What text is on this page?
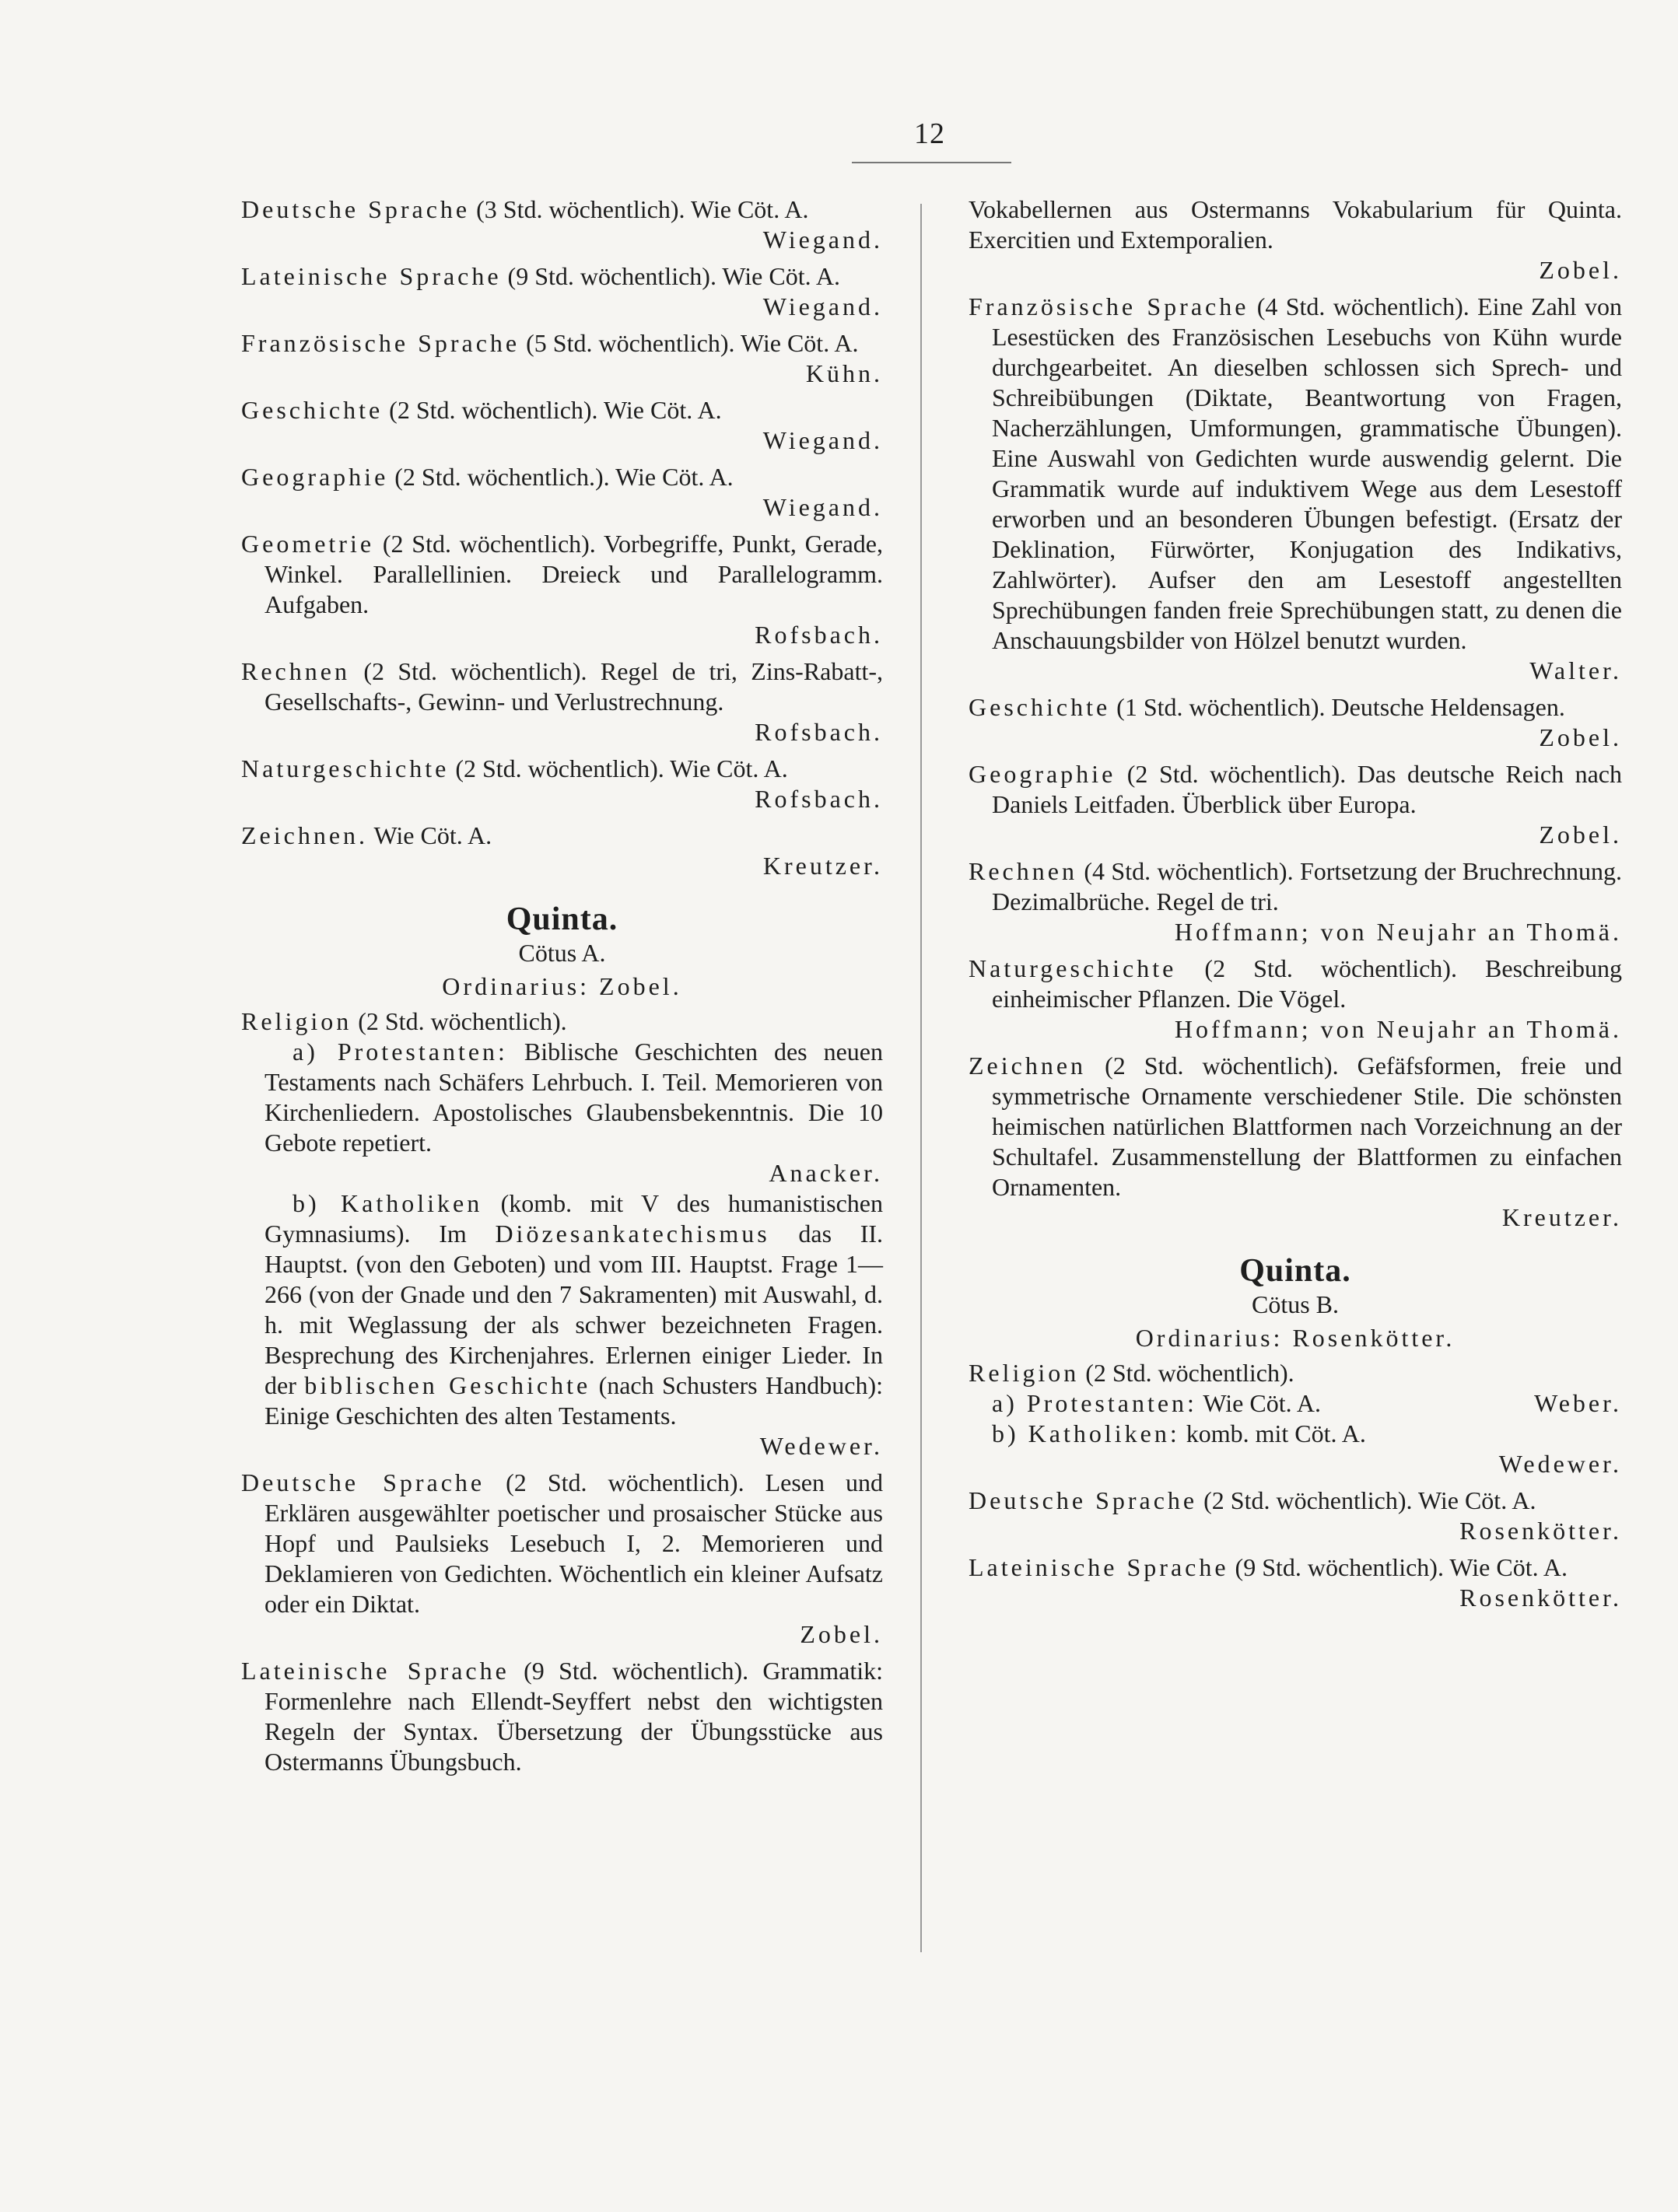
12

Deutsche Sprache (3 Std. wöchentlich). Wie Cöt. A.
Wiegand.

Lateinische Sprache (9 Std. wöchentlich). Wie Cöt. A.
Wiegand.

Französische Sprache (5 Std. wöchentlich). Wie Cöt. A.
Kühn.

Geschichte (2 Std. wöchentlich). Wie Cöt. A.
Wiegand.

Geographie (2 Std. wöchentlich.). Wie Cöt. A.
Wiegand.

Geometrie (2 Std. wöchentlich). Vorbegriffe, Punkt, Gerade, Winkel. Parallellinien. Dreieck und Parallelogramm. Aufgaben.
Rofsbach.

Rechnen (2 Std. wöchentlich). Regel de tri, Zins-Rabatt-, Gesellschafts-, Gewinn- und Verlustrechnung.
Rofsbach.

Naturgeschichte (2 Std. wöchentlich). Wie Cöt. A.
Rofsbach.

Zeichnen. Wie Cöt. A.
Kreutzer.

Quinta.
Cötus A.
Ordinarius: Zobel.

Religion (2 Std. wöchentlich).

a) Protestanten: Biblische Geschichten des neuen Testaments nach Schäfers Lehrbuch. I. Teil. Memorieren von Kirchenliedern. Apostolisches Glaubensbekenntnis. Die 10 Gebote repetiert.
Anacker.

b) Katholiken (komb. mit V des humanistischen Gymnasiums). Im Diözesankatechismus das II. Hauptst. (von den Geboten) und vom III. Hauptst. Frage 1—266 (von der Gnade und den 7 Sakramenten) mit Auswahl, d. h. mit Weglassung der als schwer bezeichneten Fragen. Besprechung des Kirchenjahres. Erlernen einiger Lieder. In der biblischen Geschichte (nach Schusters Handbuch): Einige Geschichten des alten Testaments.
Wedewer.

Deutsche Sprache (2 Std. wöchentlich). Lesen und Erklären ausgewählter poetischer und prosaischer Stücke aus Hopf und Paulsieks Lesebuch I, 2. Memorieren und Deklamieren von Gedichten. Wöchentlich ein kleiner Aufsatz oder ein Diktat.
Zobel.

Lateinische Sprache (9 Std. wöchentlich). Grammatik: Formenlehre nach Ellendt-Seyffert nebst den wichtigsten Regeln der Syntax. Übersetzung der Übungsstücke aus Ostermanns Übungsbuch.

Vokabellernen aus Ostermanns Vokabularium für Quinta. Exercitien und Extemporalien.
Zobel.

Französische Sprache (4 Std. wöchentlich). Eine Zahl von Lesestücken des Französischen Lesebuchs von Kühn wurde durchgearbeitet. An dieselben schlossen sich Sprech- und Schreibübungen (Diktate, Beantwortung von Fragen, Nacherzählungen, Umformungen, grammatische Übungen). Eine Auswahl von Gedichten wurde auswendig gelernt. Die Grammatik wurde auf induktivem Wege aus dem Lesestoff erworben und an besonderen Übungen befestigt. (Ersatz der Deklination, Fürwörter, Konjugation des Indikativs, Zahlwörter). Aufser den am Lesestoff angestellten Sprechübungen fanden freie Sprechübungen statt, zu denen die Anschauungsbilder von Hölzel benutzt wurden.
Walter.

Geschichte (1 Std. wöchentlich). Deutsche Heldensagen.
Zobel.

Geographie (2 Std. wöchentlich). Das deutsche Reich nach Daniels Leitfaden. Überblick über Europa.
Zobel.

Rechnen (4 Std. wöchentlich). Fortsetzung der Bruchrechnung. Dezimalbrüche. Regel de tri.
Hoffmann; von Neujahr an Thomä.

Naturgeschichte (2 Std. wöchentlich). Beschreibung einheimischer Pflanzen. Die Vögel.
Hoffmann; von Neujahr an Thomä.

Zeichnen (2 Std. wöchentlich). Gefäfsformen, freie und symmetrische Ornamente verschiedener Stile. Die schönsten heimischen natürlichen Blattformen nach Vorzeichnung an der Schultafel. Zusammenstellung der Blattformen zu einfachen Ornamenten.
Kreutzer.

Quinta.
Cötus B.
Ordinarius: Rosenkötter.

Religion (2 Std. wöchentlich).

a) Protestanten: Wie Cöt. A.	Weber.

b) Katholiken: komb. mit Cöt. A.
Wedewer.

Deutsche Sprache (2 Std. wöchentlich). Wie Cöt. A.
Rosenkötter.

Lateinische Sprache (9 Std. wöchentlich). Wie Cöt. A.
Rosenkötter.
